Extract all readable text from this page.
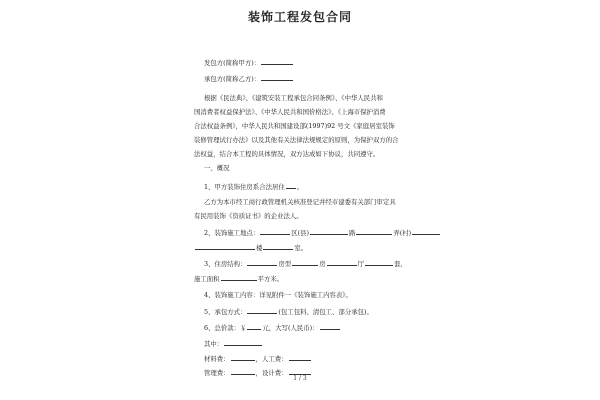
装饰工程发包合同
发包方(简称甲方)：
承包方(简称乙方)：
根据《民法典》、《建筑安装工程承包合同条例》、《中华人民共和
国消费者权益保护法》、《中华人民共和国价格法》、《上海市保护消费
合法权益条例》，中华人民共和国建设部(1997)92 号文《家庭居室装饰
装修管理试行办法》以及其他有关法律法规规定的原则，为保护双方的合
法权益，结合本工程的具体情况，双方达成如下协议，共同遵守。
一、概况
1、甲方装饰住房系合法居住 。
乙方为本市经工商行政管理机关核准登记并经市建委有关部门审定具
有民用装饰《资质证书》的企业法人。
2、装饰施工地点：	区(县)	路	弄(村)
楼	室。
3、住房结构：	房型	房	厅	套,
施工面积	平方米。
4、装饰施工内容：详见附件一《装饰施工内容表》。
5、承包方式：	(包工包料、清包工、部分承包)。
6、总价款：￥	元，大写(人民币)：
其中：
材料费：	，人工费：
管理费：	，设计费：
1 / 3
